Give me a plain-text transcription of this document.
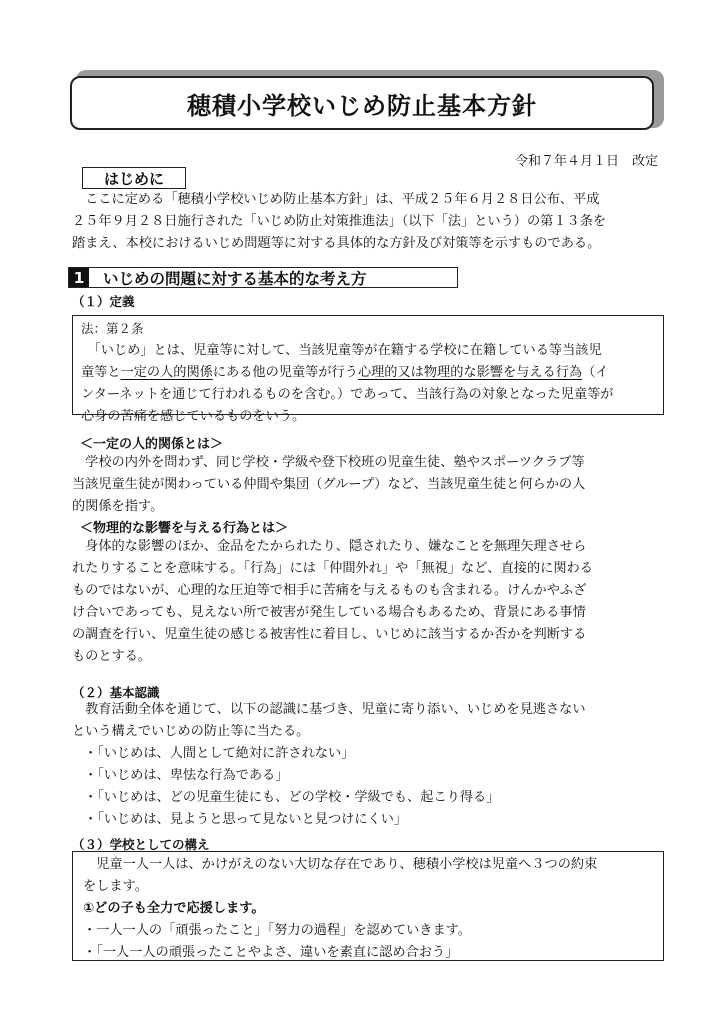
穂積小学校いじめ防止基本方針
令和７年４月１日　改定
はじめに
　ここに定める「穂積小学校いじめ防止基本方針」は、平成２５年６月２８日公布、平成
２５年９月２８日施行された「いじめ防止対策推進法」（以下「法」という）の第１３条を
踏まえ、本校におけるいじめ問題等に対する具体的な方針及び対策等を示すものである。
1 いじめの問題に対する基本的な考え方
（１）定義
法：第２条
　「いじめ」とは、児童等に対して、当該児童等が在籍する学校に在籍している等当該児
童等と一定の人的関係にある他の児童等が行う心理的又は物理的な影響を与える行為（イ
ンターネットを通じて行われるものを含む。）であって、当該行為の対象となった児童等が
心身の苦痛を感じているものをいう。
＜一定の人的関係とは＞
　学校の内外を問わず、同じ学校・学級や登下校班の児童生徒、塾やスポーツクラブ等
当該児童生徒が関わっている仲間や集団（グループ）など、当該児童生徒と何らかの人
的関係を指す。
＜物理的な影響を与える行為とは＞
　身体的な影響のほか、金品をたかられたり、隠されたり、嫌なことを無理矢理させら
れたりすることを意味する。「行為」には「仲間外れ」や「無視」など、直接的に関わる
ものではないが、心理的な圧迫等で相手に苦痛を与えるものも含まれる。けんかやふざ
け合いであっても、見えない所で被害が発生している場合もあるため、背景にある事情
の調査を行い、児童生徒の感じる被害性に着目し、いじめに該当するか否かを判断する
ものとする。
（２）基本認識
　教育活動全体を通じて、以下の認識に基づき、児童に寄り添い、いじめを見逃さない
という構えでいじめの防止等に当たる。
・「いじめは、人間として絶対に許されない」
・「いじめは、卑怯な行為である」
・「いじめは、どの児童生徒にも、どの学校・学級でも、起こり得る」
・「いじめは、見ようと思って見ないと見つけにくい」
（３）学校としての構え
　児童一人一人は、かけがえのない大切な存在であり、穂積小学校は児童へ３つの約束
をします。
①どの子も全力で応援します。
・一人一人の「頑張ったこと」「努力の過程」を認めていきます。
・「一人一人の頑張ったことやよさ、違いを素直に認め合おう」
